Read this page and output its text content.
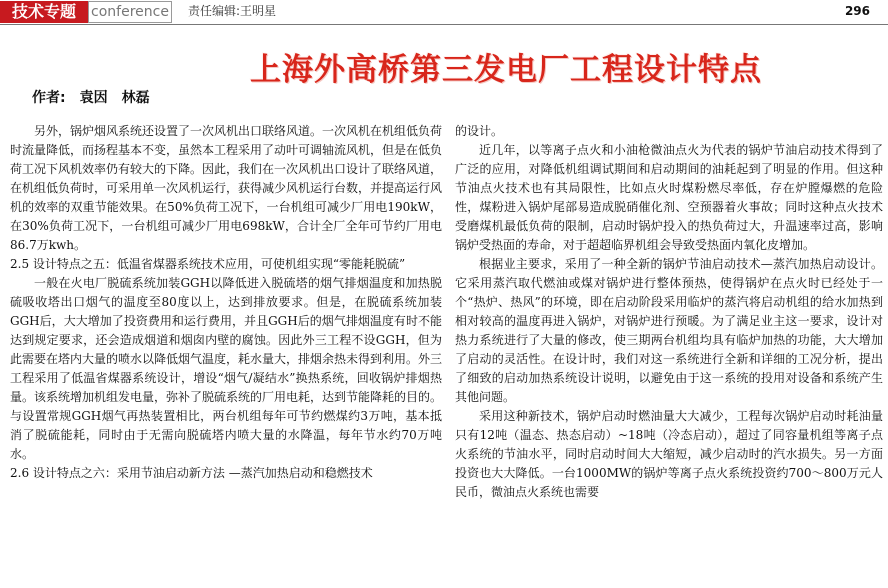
技术专题	conference 责任编辑:王明星	296
上海外高桥第三发电厂工程设计特点
作者: 袁因 林磊

另外，锅炉烟风系统还设置了一次风机出口联络风道。一次风机在机组低负荷时流量降低，而扬程基本不变，虽然本工程采用了动叶可调轴流风机，但是在低负荷工况下风机效率仍有较大的下降。因此，我们在一次风机出口设计了联络风道，在机组低负荷时，可采用单一次风机运行，获得减少风机运行台数，并提高运行风机的效率的双重节能效果。在50%负荷工况下，一台机组可减少厂用电190kW，在30%负荷工况下，一台机组可减少厂用电698kW，合计全厂全年可节约厂用电86.7万kwh。

2.5 设计特点之五：低温省煤器系统技术应用，可使机组实现“零能耗脱硫”

一般在火电厂脱硫系统加装GGH以降低进入脱硫塔的烟气排烟温度和加热脱硫吸收塔出口烟气的温度至80度以上，达到排放要求。但是，在脱硫系统加装GGH后，大大增加了投资费用和运行费用，并且GGH后的烟气排烟温度有时不能达到规定要求，还会造成烟道和烟囱内壁的腐蚀。因此外三工程不设GGH，但为此需要在塔内大量的喷水以降低烟气温度，耗水量大，排烟余热未得到利用。外三工程采用了低温省煤器系统设计，增设“烟气/凝结水”换热系统，回收锅炉排烟热量。该系统增加机组发电量，弥补了脱硫系统的厂用电耗，达到节能降耗的目的。与设置常规GGH烟气再热装置相比，两台机组每年可节约燃煤约3万吨，基本抵消了脱硫能耗，同时由于无需向脱硫塔内喷大量的水降温，每年节水约70万吨水。

2.6 设计特点之六：采用节油启动新方法 —蒸汽加热启动和稳燃技术

的设计。

近几年，以等离子点火和小油枪微油点火为代表的锅炉节油启动技术得到了广泛的应用，对降低机组调试期间和启动期间的油耗起到了明显的作用。但这种节油点火技术也有其局限性，比如点火时煤粉燃尽率低，存在炉膛爆燃的危险性，煤粉进入锅炉尾部易造成脱硝催化剂、空预器着火事故；同时这种点火技术受磨煤机最低负荷的限制，启动时锅炉投入的热负荷过大，升温速率过高，影响锅炉受热面的寿命，对于超超临界机组会导致受热面内氧化皮增加。

根据业主要求，采用了一种全新的锅炉节油启动技术—蒸汽加热启动设计。它采用蒸汽取代燃油或煤对锅炉进行整体预热，使得锅炉在点火时已经处于一个“热炉、热风”的环境，即在启动阶段采用临炉的蒸汽将启动机组的给水加热到相对较高的温度再进入锅炉，对锅炉进行预暖。为了满足业主这一要求，设计对热力系统进行了大量的修改，使三期两台机组均具有临炉加热的功能，大大增加了启动的灵活性。在设计时，我们对这一系统进行全新和详细的工况分析，提出了细致的启动加热系统设计说明，以避免由于这一系统的投用对设备和系统产生其他问题。

采用这种新技术，锅炉启动时燃油量大大减少，工程每次锅炉启动时耗油量只有12吨（温态、热态启动）~18吨（冷态启动），超过了同容量机组等离子点火系统的节油水平，同时启动时间大大缩短，减少启动时的汽水损失。另一方面投资也大大降低。一台1000MW的锅炉等离子点火系统投资约700～800万元人民币，微油点火系统也需要
